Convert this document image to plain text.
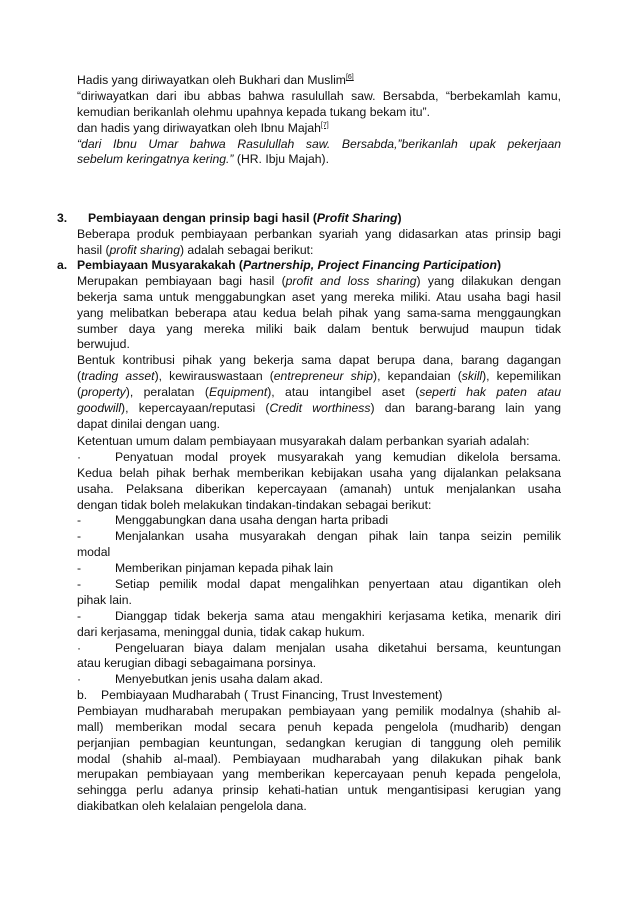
Hadis yang diriwayatkan oleh Bukhari dan Muslim[6]
“diriwayatkan dari ibu abbas bahwa rasulullah saw. Bersabda, “berbekamlah kamu,
kemudian berikanlah olehmu upahnya kepada tukang bekam itu”.
dan hadis yang diriwayatkan oleh Ibnu Majah[7]
“dari Ibnu Umar bahwa Rasulullah saw. Bersabda,”berikanlah upak pekerjaan
sebelum keringatnya kering.” (HR. Ibju Majah).
3. Pembiayaan dengan prinsip bagi hasil (Profit Sharing)
Beberapa produk pembiayaan perbankan syariah yang didasarkan atas prinsip bagi
hasil (profit sharing) adalah sebagai berikut:
a. Pembiayaan Musyarakakah (Partnership, Project Financing Participation)
Merupakan pembiayaan bagi hasil (profit and loss sharing) yang dilakukan dengan
bekerja sama untuk menggabungkan aset yang mereka miliki. Atau usaha bagi hasil
yang melibatkan beberapa atau kedua belah pihak yang sama-sama menggaungkan
sumber daya yang mereka miliki baik dalam bentuk berwujud maupun tidak
berwujud.
Bentuk kontribusi pihak yang bekerja sama dapat berupa dana, barang dagangan
(trading asset), kewirauswastaan (entrepreneur ship), kepandaian (skill), kepemilikan
(property), peralatan (Equipment), atau intangibel aset (seperti hak paten atau
goodwill), kepercayaan/reputasi (Credit worthiness) dan barang-barang lain yang
dapat dinilai dengan uang.
Ketentuan umum dalam pembiayaan musyarakah dalam perbankan syariah adalah:
·	Penyatuan modal proyek musyarakah yang kemudian dikelola bersama.
Kedua belah pihak berhak memberikan kebijakan usaha yang dijalankan pelaksana
usaha. Pelaksana diberikan kepercayaan (amanah) untuk menjalankan usaha
dengan tidak boleh melakukan tindakan-tindakan sebagai berikut:
-	Menggabungkan dana usaha dengan harta pribadi
-	Menjalankan usaha musyarakah dengan pihak lain tanpa seizin pemilik
modal
-	Memberikan pinjaman kepada pihak lain
-	Setiap pemilik modal dapat mengalihkan penyertaan atau digantikan oleh
pihak lain.
-	Dianggap tidak bekerja sama atau mengakhiri kerjasama ketika, menarik diri
dari kerjasama, meninggal dunia, tidak cakap hukum.
·	Pengeluaran biaya dalam menjalan usaha diketahui bersama, keuntungan
atau kerugian dibagi sebagaimana porsinya.
·	Menyebutkan jenis usaha dalam akad.
b. Pembiayaan Mudharabah ( Trust Financing, Trust Investement)
Pembiayan mudharabah merupakan pembiayaan yang pemilik modalnya (shahib al-
mall) memberikan modal secara penuh kepada pengelola (mudharib) dengan
perjanjian pembagian keuntungan, sedangkan kerugian di tanggung oleh pemilik
modal (shahib al-maal). Pembiayaan mudharabah yang dilakukan pihak bank
merupakan pembiayaan yang memberikan kepercayaan penuh kepada pengelola,
sehingga perlu adanya prinsip kehati-hatian untuk mengantisipasi kerugian yang
diakibatkan oleh kelalaian pengelola dana.
